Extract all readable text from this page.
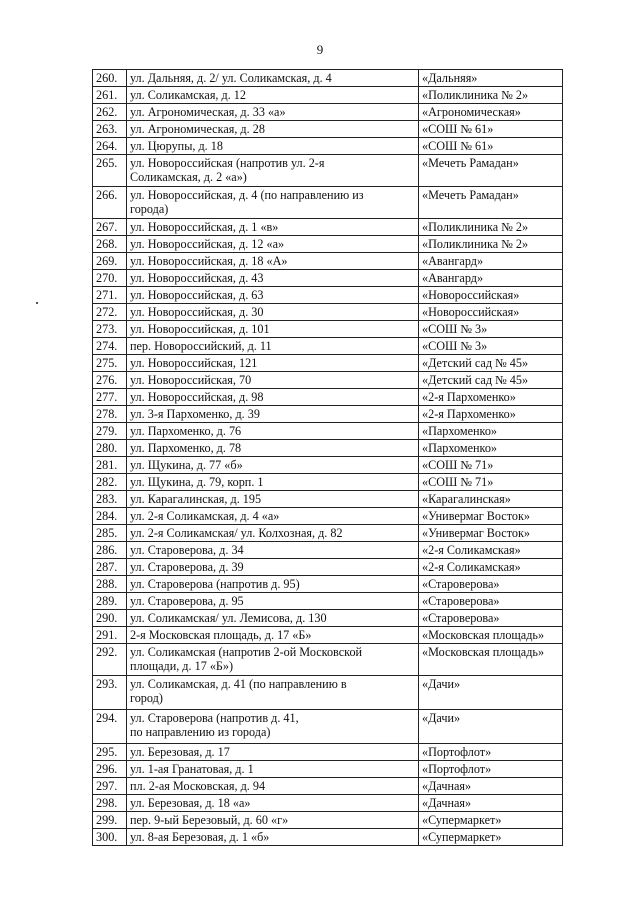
9
260.	ул. Дальняя, д. 2/ ул. Соликамская, д. 4	«Дальняя»
261.	ул. Соликамская, д. 12	«Поликлиника № 2»
262.	ул. Агрономическая, д. 33 «а»	«Агрономическая»
263.	ул. Агрономическая, д. 28	«СОШ № 61»
264.	ул. Цюрупы, д. 18	«СОШ № 61»
265.	ул. Новороссийская (напротив ул. 2-я
Соликамская, д. 2 «а»)	«Мечеть Рамадан»
266.	ул. Новороссийская, д. 4 (по направлению из
города)	«Мечеть Рамадан»
267.	ул. Новороссийская, д. 1 «в»	«Поликлиника № 2»
268.	ул. Новороссийская, д. 12 «а»	«Поликлиника № 2»
269.	ул. Новороссийская, д. 18 «А»	«Авангард»
270.	ул. Новороссийская, д. 43	«Авангард»
271.	ул. Новороссийская, д. 63	«Новороссийская»
272.	ул. Новороссийская, д. 30	«Новороссийская»
273.	ул. Новороссийская, д. 101	«СОШ № 3»
274.	пер. Новороссийский, д. 11	«СОШ № 3»
275.	ул. Новороссийская, 121	«Детский сад № 45»
276.	ул. Новороссийская, 70	«Детский сад № 45»
277.	ул. Новороссийская, д. 98	«2-я Пархоменко»
278.	ул. 3-я Пархоменко, д. 39	«2-я Пархоменко»
279.	ул. Пархоменко, д. 76	«Пархоменко»
280.	ул. Пархоменко, д. 78	«Пархоменко»
281.	ул. Щукина, д. 77 «б»	«СОШ № 71»
282.	ул. Щукина, д. 79, корп. 1	«СОШ № 71»
283.	ул. Карагалинская, д. 195	«Карагалинская»
284.	ул. 2-я Соликамская, д. 4 «а»	«Универмаг Восток»
285.	ул. 2-я Соликамская/ ул. Колхозная, д. 82	«Универмаг Восток»
286.	ул. Староверова, д. 34	«2-я Соликамская»
287.	ул. Староверова, д. 39	«2-я Соликамская»
288.	ул. Староверова (напротив д. 95)	«Староверова»
289.	ул. Староверова, д. 95	«Староверова»
290.	ул. Соликамская/ ул. Лемисова, д. 130	«Староверова»
291.	2-я Московская площадь, д. 17 «Б»	«Московская площадь»
292.	ул. Соликамская (напротив 2-ой Московской
площади, д. 17 «Б»)	«Московская площадь»
293.	ул. Соликамская, д. 41 (по направлению в
город)	«Дачи»
294.	ул. Староверова (напротив д. 41,
по направлению из города)	«Дачи»
295.	ул. Березовая, д. 17	«Портофлот»
296.	ул. 1-ая Гранатовая, д. 1	«Портофлот»
297.	пл. 2-ая Московская, д. 94	«Дачная»
298.	ул. Березовая, д. 18 «а»	«Дачная»
299.	пер. 9-ый Березовый, д. 60 «г»	«Супермаркет»
300.	ул. 8-ая Березовая, д. 1 «б»	«Супермаркет»
